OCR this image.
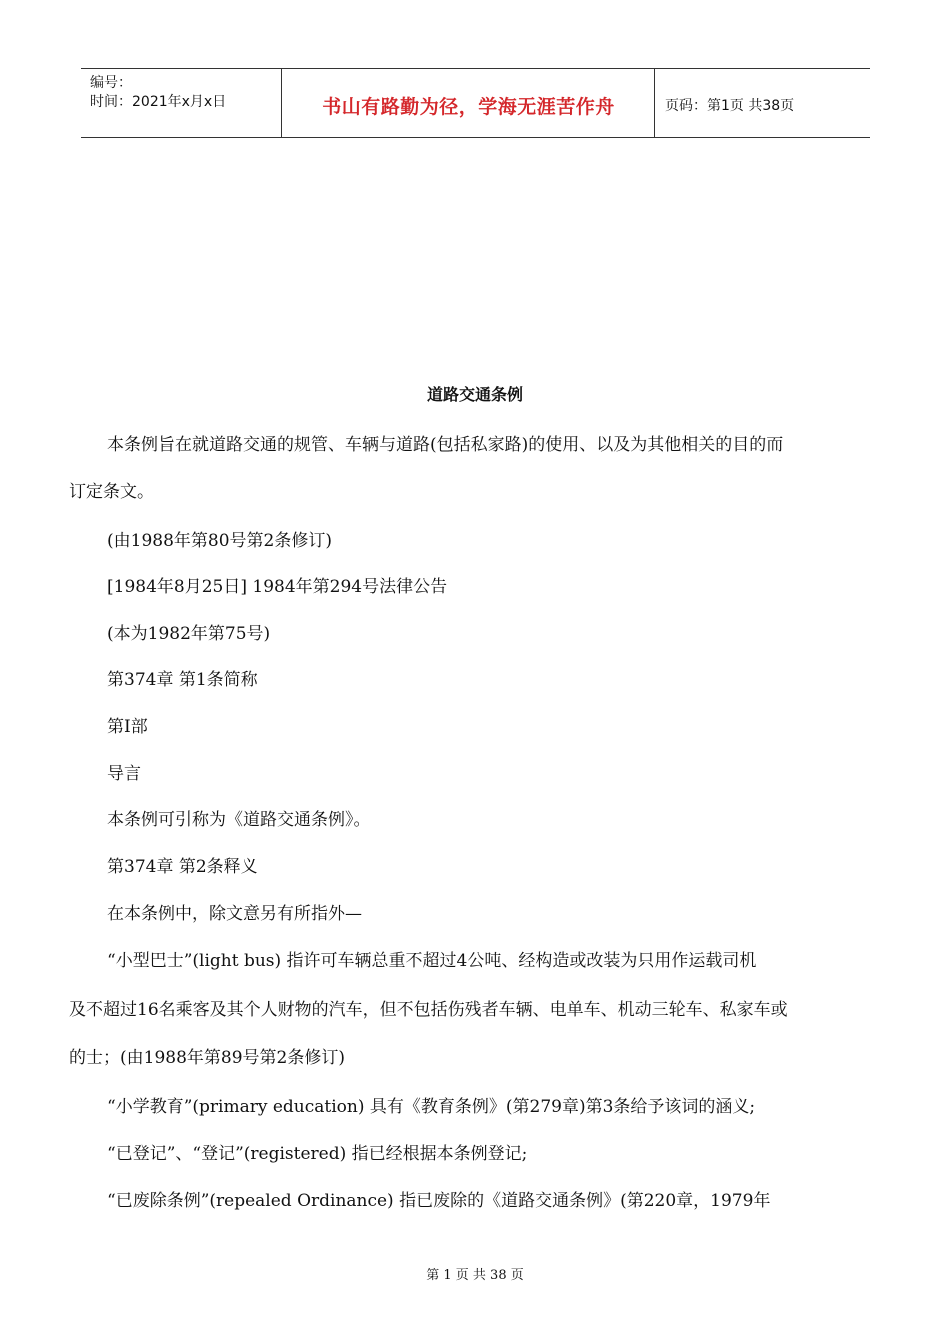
编号：
时间：2021年x月x日	书山有路勤为径，学海无涯苦作舟	页码：第1页 共38页
道路交通条例
本条例旨在就道路交通的规管、车辆与道路(包括私家路)的使用、以及为其他相关的目的而
订定条文。
(由1988年第80号第2条修订)
[1984年8月25日] 1984年第294号法律公告
(本为1982年第75号)
第374章 第1条简称
第I部
导言
本条例可引称为《道路交通条例》。
第374章 第2条释义
在本条例中，除文意另有所指外—
“小型巴士”(light bus) 指许可车辆总重不超过4公吨、经构造或改装为只用作运载司机
及不超过16名乘客及其个人财物的汽车，但不包括伤残者车辆、电单车、机动三轮车、私家车或
的士；(由1988年第89号第2条修订)
“小学教育”(primary education) 具有《教育条例》(第279章)第3条给予该词的涵义;
“已登记”、“登记”(registered) 指已经根据本条例登记;
“已废除条例”(repealed Ordinance) 指已废除的《道路交通条例》(第220章，1979年
第 1 页 共 38 页
